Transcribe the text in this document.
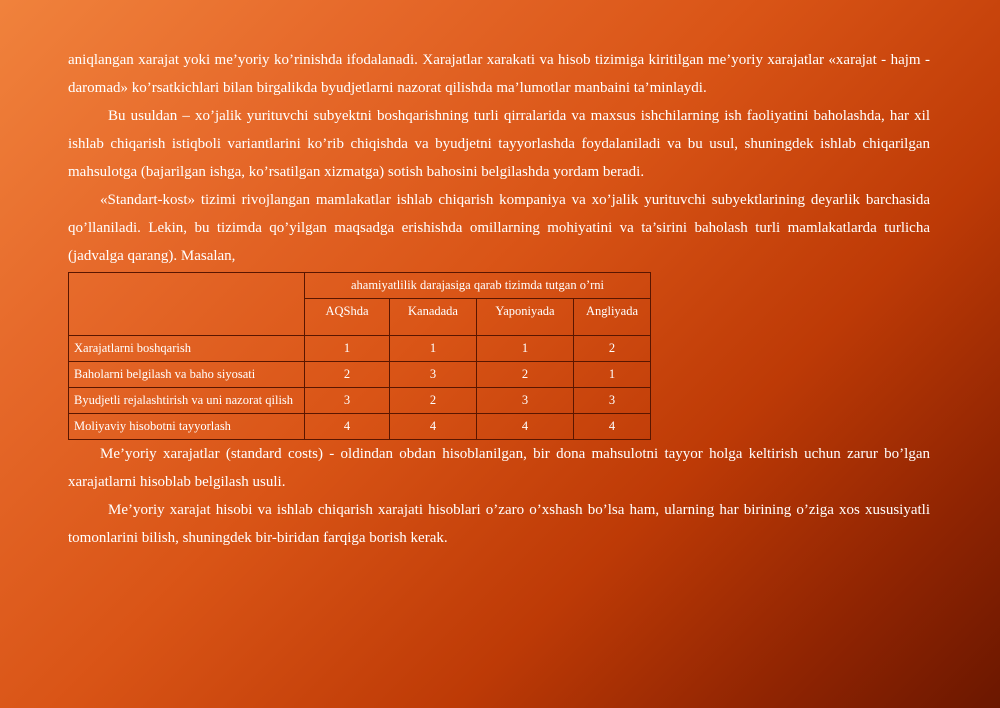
aniqlangan xarajat yoki me’yoriy ko’rinishda ifodalanadi. Xarajatlar xarakati va hisob tizimiga kiritilgan me’yoriy xarajatlar «xarajat - hajm - daromad» ko’rsatkichlari bilan birgalikda byudjetlarni nazorat qilishda ma’lumotlar manbaini ta’minlaydi.

Bu usuldan – xo’jalik yurituvchi subyektni boshqarishning turli qirralarida va maxsus ishchilarning ish faoliyatini baholashda, har xil ishlab chiqarish istiqboli variantlarini ko’rib chiqishda va byudjetni tayyorlashda foydalaniladi va bu usul, shuningdek ishlab chiqarilgan mahsulotga (bajarilgan ishga, ko’rsatilgan xizmatga) sotish bahosini belgilashda yordam beradi.

«Standart-kost» tizimi rivojlangan mamlakatlar ishlab chiqarish kompaniya va xo’jalik yurituvchi subyektlarining deyarlik barchasida qo’llaniladi. Lekin, bu tizimda qo’yilgan maqsadga erishishda omillarning mohiyatini va ta’sirini baholash turli mamlakatlarda turlicha (jadvalga qarang). Masalan,

	ahamiyatlilik darajasiga qarab tizimda tutgan o’rni			
	AQShda	Kanadada	Yaponiyada	Angliyada
Xarajatlarni boshqarish	1	1	1	2
Baholarni belgilash va baho siyosati	2	3	2	1
Byudjetli rejalashtirish va uni nazorat qilish	3	2	3	3
Moliyaviy hisobotni tayyorlash	4	4	4	4

Me’yoriy xarajatlar (standard costs) - oldindan obdan hisoblanilgan, bir dona mahsulotni tayyor holga keltirish uchun zarur bo’lgan xarajatlarni hisoblab belgilash usuli.

Me’yoriy xarajat hisobi va ishlab chiqarish xarajati hisoblari o’zaro o’xshash bo’lsa ham, ularning har birining o’ziga xos xususiyatli tomonlarini bilish, shuningdek bir-biridan farqiga borish kerak.
